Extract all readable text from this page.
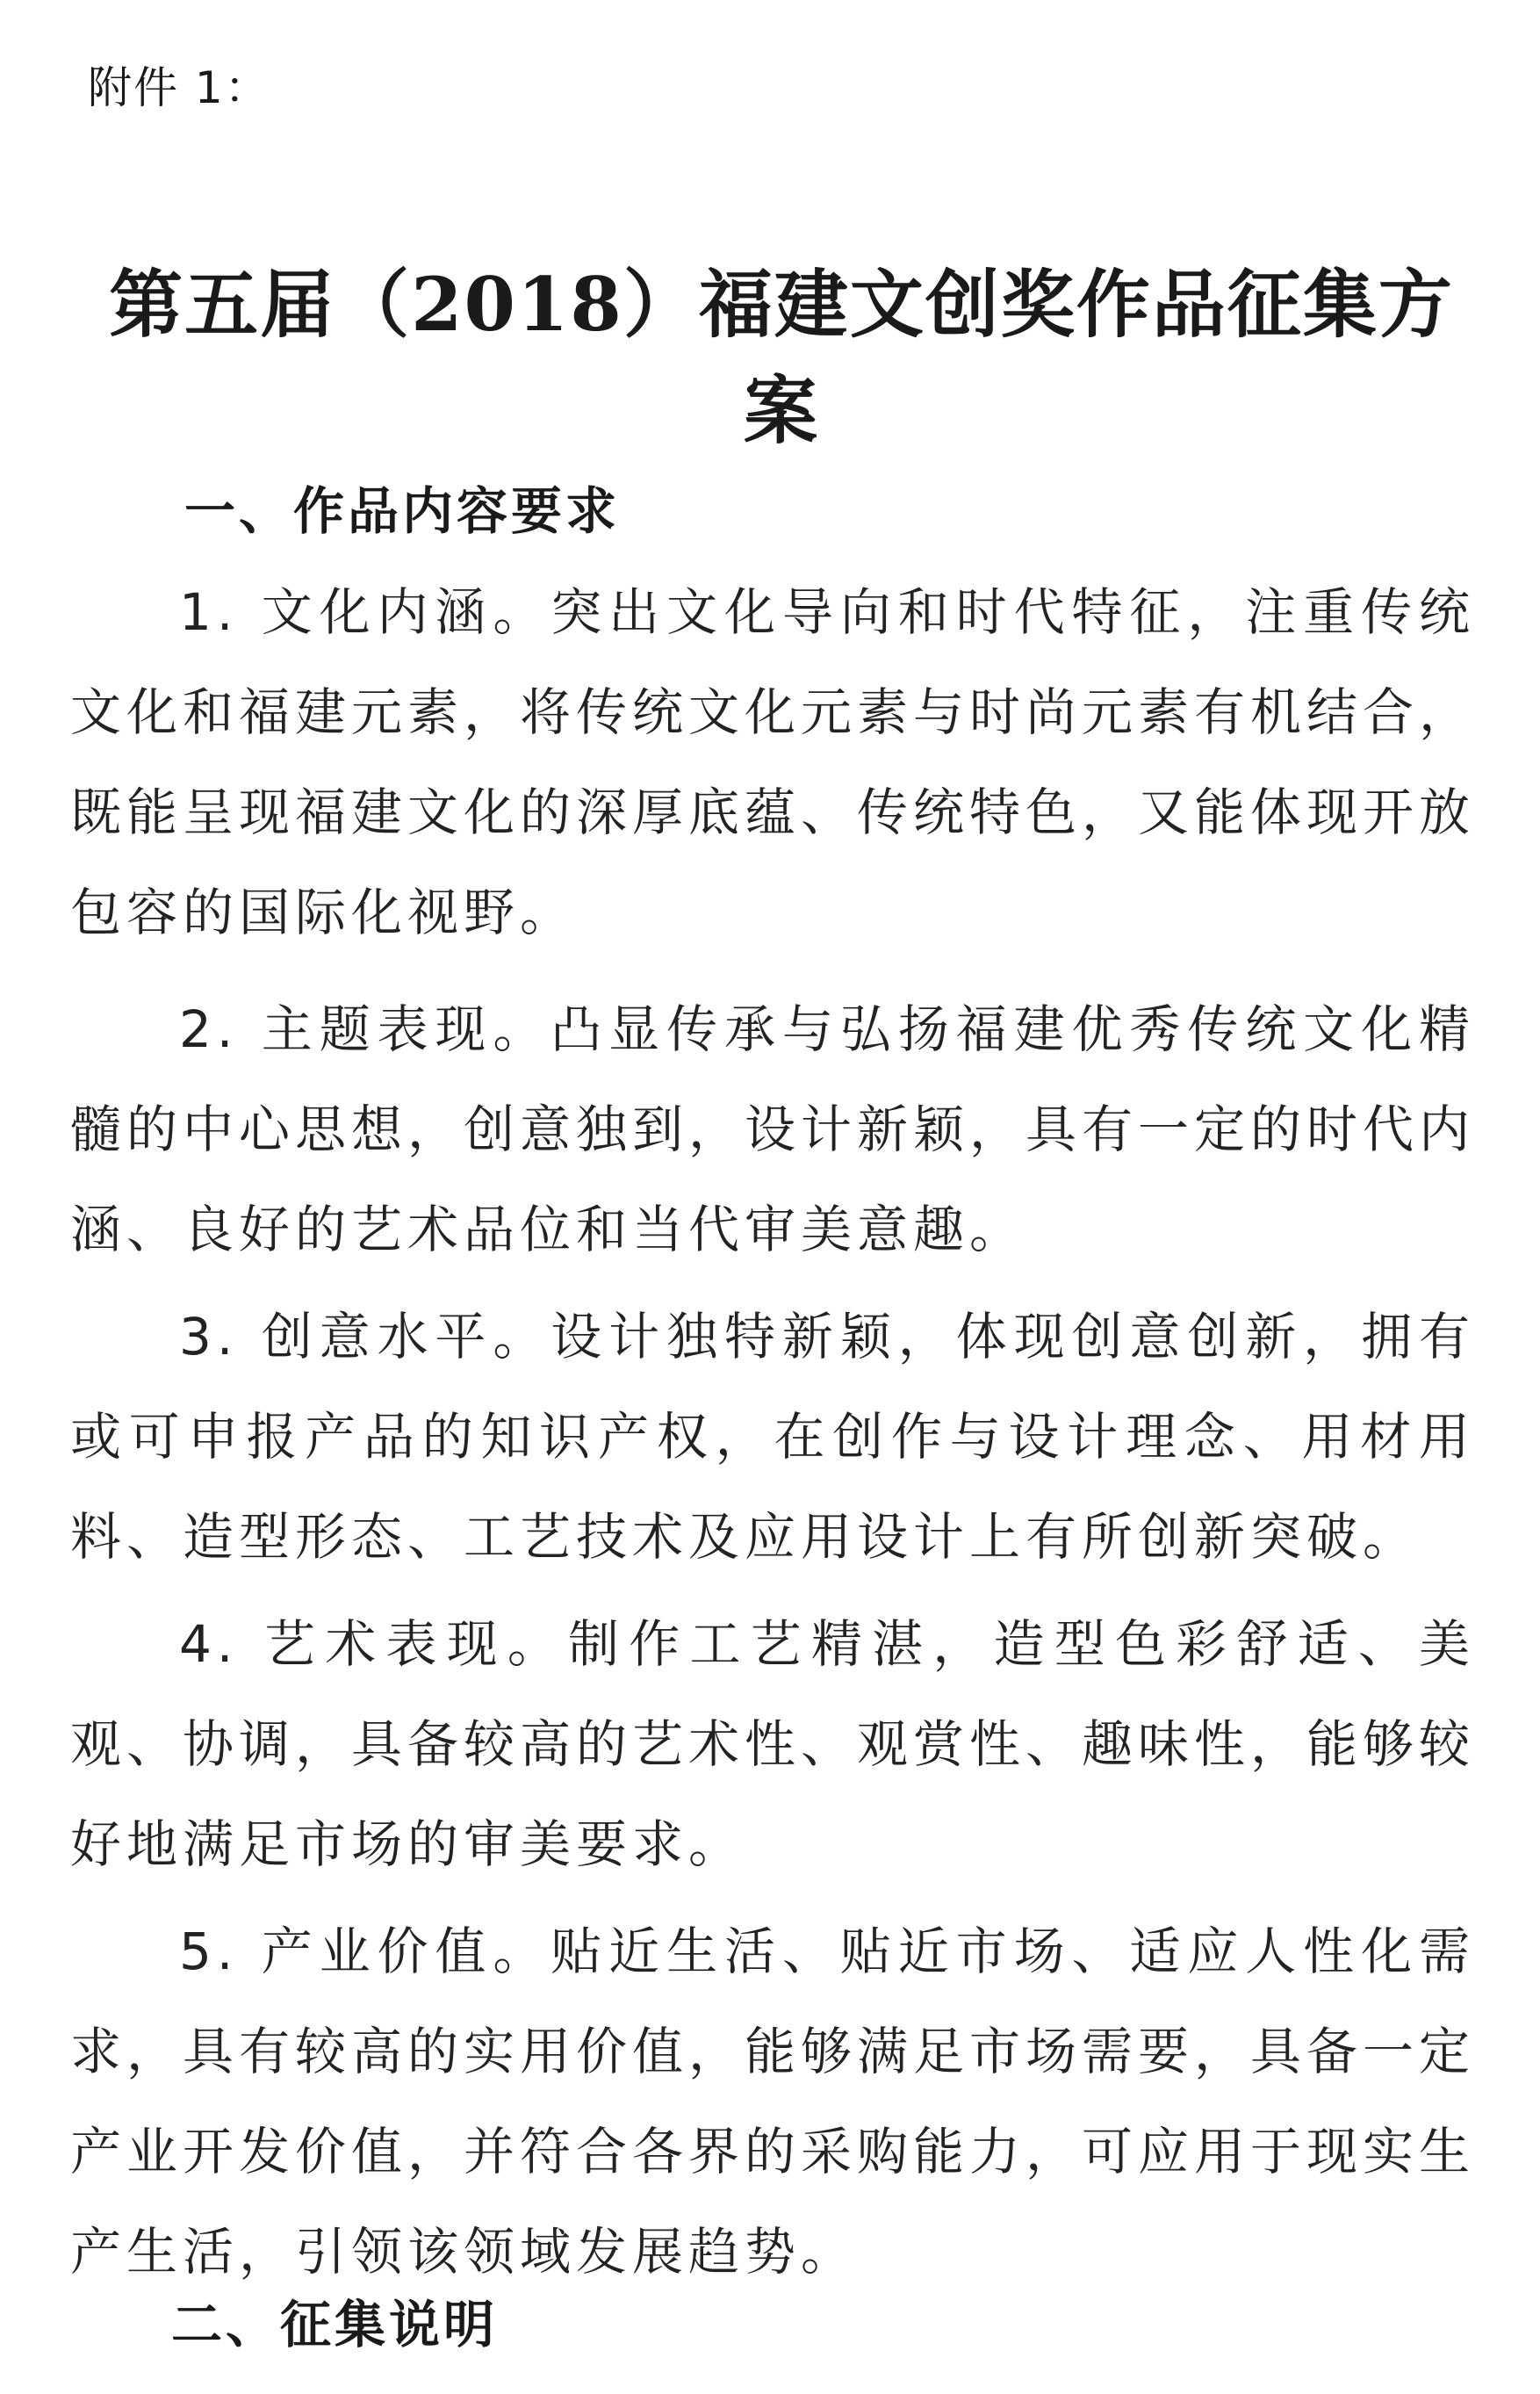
附件 1：
第五届（2018）福建文创奖作品征集方案
一、作品内容要求
1. 文化内涵。突出文化导向和时代特征，注重传统文化和福建元素，将传统文化元素与时尚元素有机结合，既能呈现福建文化的深厚底蕴、传统特色，又能体现开放包容的国际化视野。
2. 主题表现。凸显传承与弘扬福建优秀传统文化精髓的中心思想，创意独到，设计新颖，具有一定的时代内涵、良好的艺术品位和当代审美意趣。
3. 创意水平。设计独特新颖，体现创意创新，拥有或可申报产品的知识产权，在创作与设计理念、用材用料、造型形态、工艺技术及应用设计上有所创新突破。
4. 艺术表现。制作工艺精湛，造型色彩舒适、美观、协调，具备较高的艺术性、观赏性、趣味性，能够较好地满足市场的审美要求。
5. 产业价值。贴近生活、贴近市场、适应人性化需求，具有较高的实用价值，能够满足市场需要，具备一定产业开发价值，并符合各界的采购能力，可应用于现实生产生活，引领该领域发展趋势。
二、征集说明
